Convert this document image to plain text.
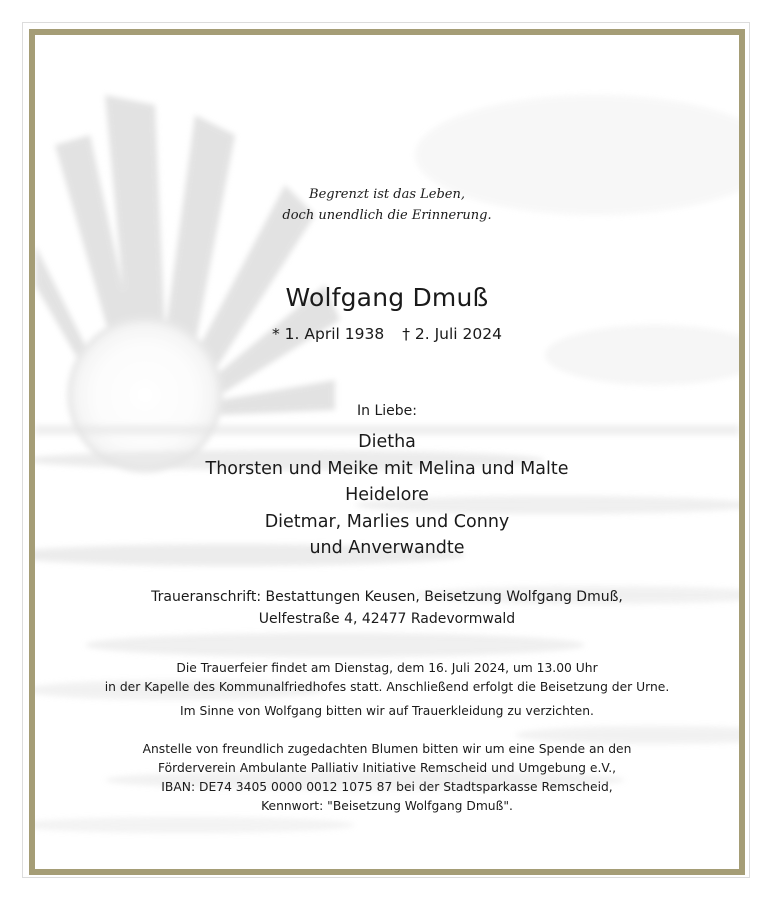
Begrenzt ist das Leben,
doch unendlich die Erinnerung.
Wolfgang Dmuß
* 1. April 1938 † 2. Juli 2024
In Liebe:
Dietha
Thorsten und Meike mit Melina und Malte
Heidelore
Dietmar, Marlies und Conny
und Anverwandte
Traueranschrift: Bestattungen Keusen, Beisetzung Wolfgang Dmuß,
Uelfestraße 4, 42477 Radevormwald
Die Trauerfeier findet am Dienstag, dem 16. Juli 2024, um 13.00 Uhr
in der Kapelle des Kommunalfriedhofes statt. Anschließend erfolgt die Beisetzung der Urne.
Im Sinne von Wolfgang bitten wir auf Trauerkleidung zu verzichten.
Anstelle von freundlich zugedachten Blumen bitten wir um eine Spende an den
Förderverein Ambulante Palliativ Initiative Remscheid und Umgebung e.V.,
IBAN: DE74 3405 0000 0012 1075 87 bei der Stadtsparkasse Remscheid,
Kennwort: "Beisetzung Wolfgang Dmuß".
